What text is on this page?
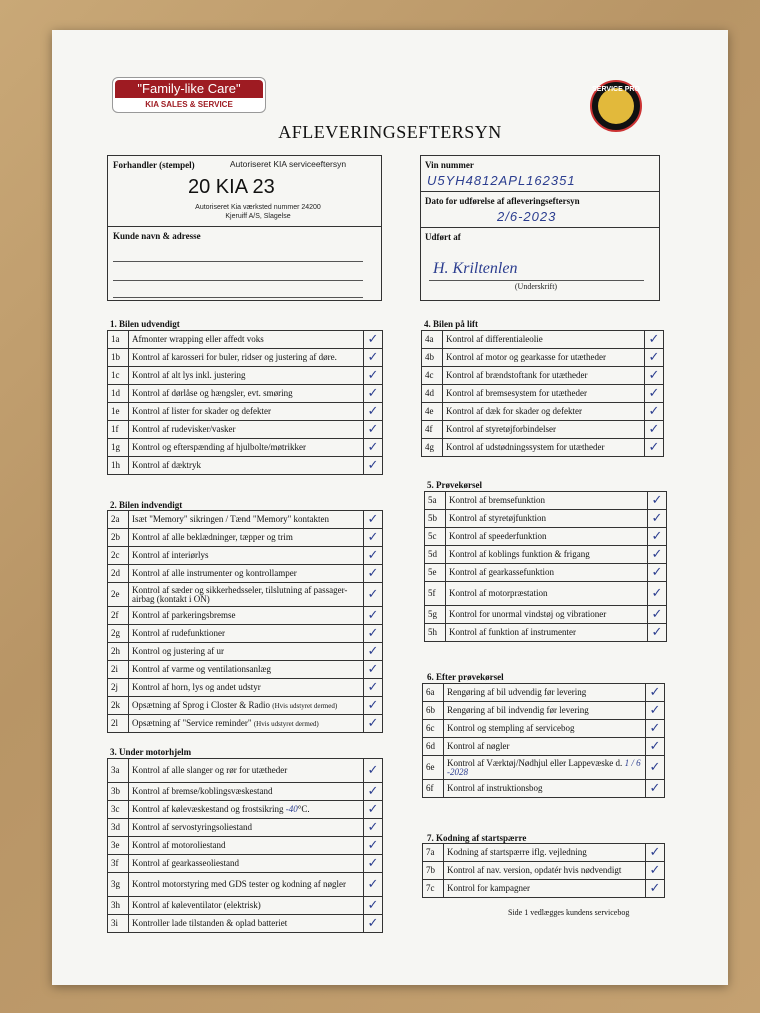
"Family-like Care"
KIA SALES & SERVICE
SERVICE PRO
AFLEVERINGSEFTERSYN
Forhandler (stempel)	Autoriseret KIA serviceeftersyn
20 KIA 23
Autoriseret Kia værksted nummer 24200
Kjeruiff A/S, Slagelse
Kunde navn & adresse
Vin nummer
U5YH4812APL162351
Dato for udførelse af afleveringseftersyn
2/6-2023
Udført af
H. Kriltenlen
(Underskrift)
1. Bilen udvendigt
1a	Afmonter wrapping eller affedt voks	✓
1b	Kontrol af karosseri for buler, ridser og justering af døre.	✓
1c	Kontrol af alt lys inkl. justering	✓
1d	Kontrol af dørlåse og hængsler, evt. smøring	✓
1e	Kontrol af lister for skader og defekter	✓
1f	Kontrol af rudevisker/vasker	✓
1g	Kontrol og efterspænding af hjulbolte/møtrikker	✓
1h	Kontrol af dæktryk	✓
2. Bilen indvendigt
2a	Isæt "Memory" sikringen / Tænd "Memory" kontakten	✓
2b	Kontrol af alle beklædninger, tæpper og trim	✓
2c	Kontrol af interiørlys	✓
2d	Kontrol af alle instrumenter og kontrollamper	✓
2e	Kontrol af sæder og sikkerhedsseler, tilslutning af passager-airbag (kontakt i ON)	✓
2f	Kontrol af parkeringsbremse	✓
2g	Kontrol af rudefunktioner	✓
2h	Kontrol og justering af ur	✓
2i	Kontrol af varme og ventilationsanlæg	✓
2j	Kontrol af horn, lys og andet udstyr	✓
2k	Opsætning af Sprog i Closter & Radio (Hvis udstyret dermed)	✓
2l	Opsætning af "Service reminder" (Hvis udstyret dermed)	✓
3. Under motorhjelm
3a	Kontrol af alle slanger og rør for utætheder	✓
3b	Kontrol af bremse/koblingsvæskestand	✓
3c	Kontrol af kølevæskestand og frostsikring -40°C.	✓
3d	Kontrol af servostyringsoliestand	✓
3e	Kontrol af motoroliestand	✓
3f	Kontrol af gearkasseoliestand	✓
3g	Kontrol motorstyring med GDS tester og kodning af nøgler	✓
3h	Kontrol af køleventilator (elektrisk)	✓
3i	Kontroller lade tilstanden & oplad batteriet	✓
4. Bilen på lift
4a	Kontrol af differentialeolie	✓
4b	Kontrol af motor og gearkasse for utætheder	✓
4c	Kontrol af brændstoftank for utætheder	✓
4d	Kontrol af bremsesystem for utætheder	✓
4e	Kontrol af dæk for skader og defekter	✓
4f	Kontrol af styretøjforbindelser	✓
4g	Kontrol af udstødningssystem for utætheder	✓
5. Prøvekørsel
5a	Kontrol af bremsefunktion	✓
5b	Kontrol af styretøjfunktion	✓
5c	Kontrol af speederfunktion	✓
5d	Kontrol af koblings funktion & frigang	✓
5e	Kontrol af gearkassefunktion	✓
5f	Kontrol af motorpræstation	✓
5g	Kontrol for unormal vindstøj og vibrationer	✓
5h	Kontrol af funktion af instrumenter	✓
6. Efter prøvekørsel
6a	Rengøring af bil udvendig før levering	✓
6b	Rengøring af bil indvendig før levering	✓
6c	Kontrol og stempling af servicebog	✓
6d	Kontrol af nøgler	✓
6e	Kontrol af Værktøj/Nødhjul eller Lappevæske d. 1 / 6 -2028	✓
6f	Kontrol af instruktionsbog	✓
7. Kodning af startspærre
7a	Kodning af startspærre iflg. vejledning	✓
7b	Kontrol af nav. version, opdatér hvis nødvendigt	✓
7c	Kontrol for kampagner	✓
Side 1 vedlægges kundens servicebog
